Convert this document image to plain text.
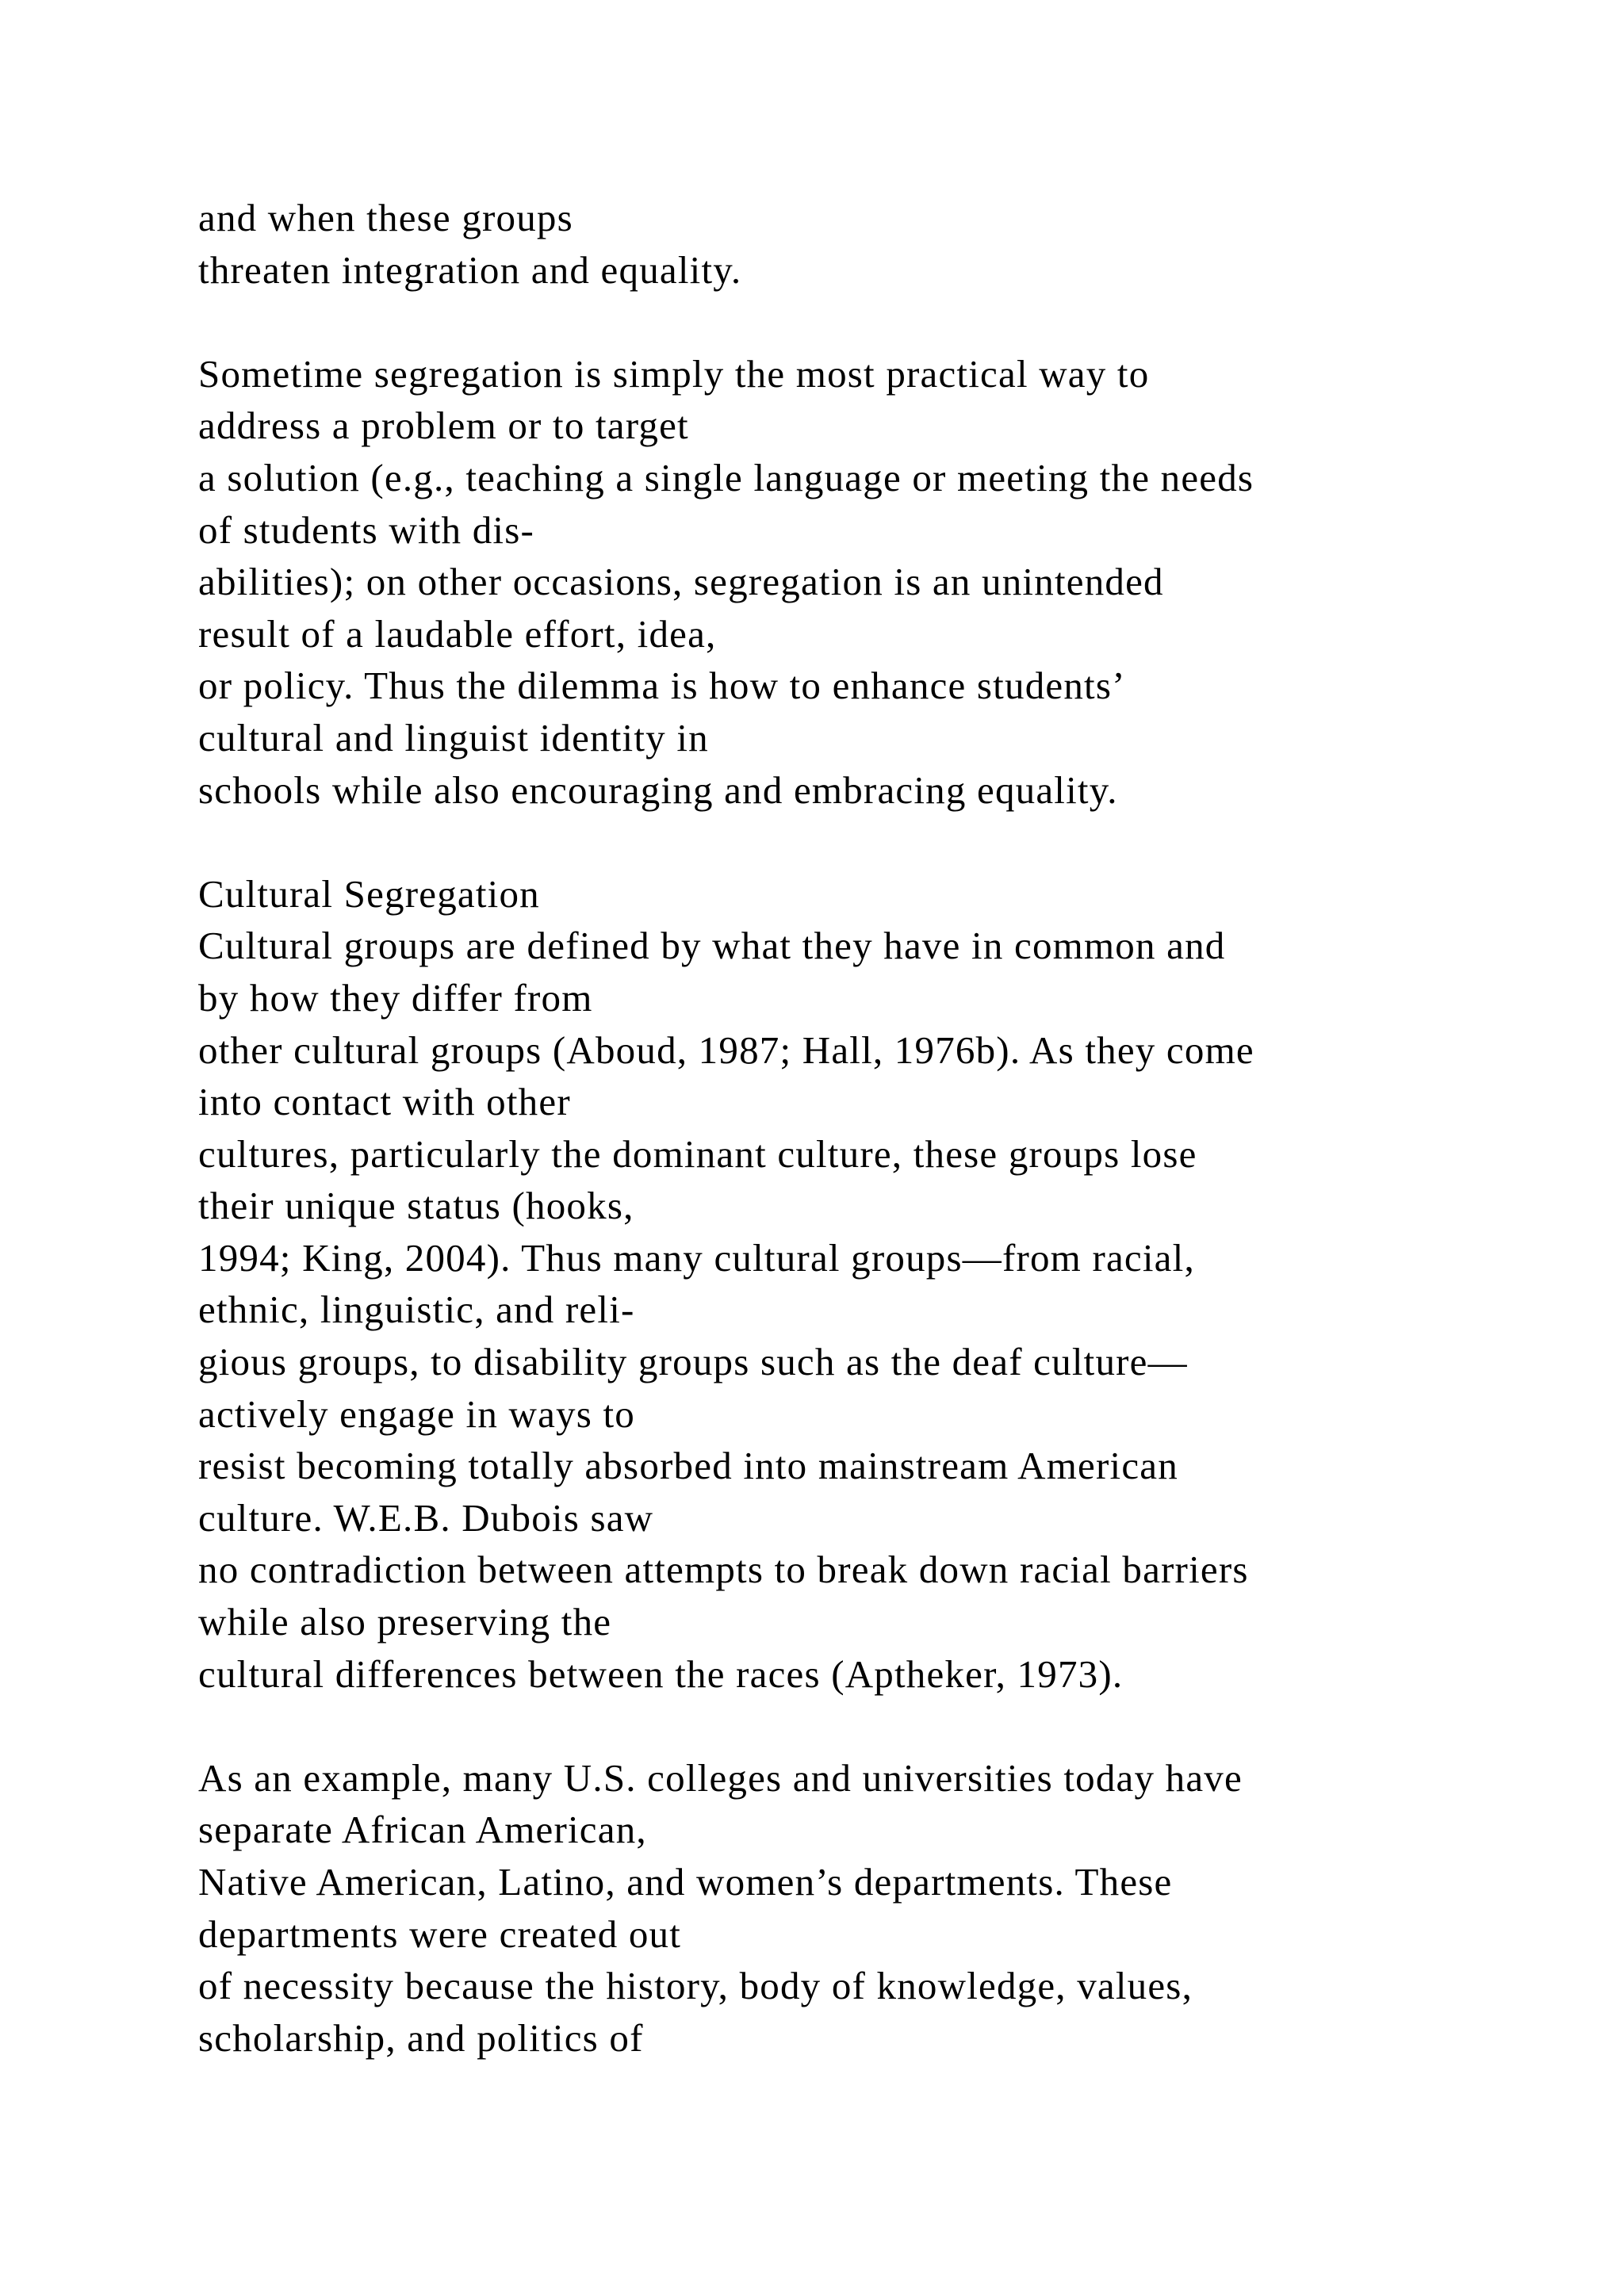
and when these groups
threaten integration and equality.
Sometime segregation is simply the most practical way to
address a problem or to target
a solution (e.g., teaching a single language or meeting the needs
of students with dis-
abilities); on other occasions, segregation is an unintended
result of a laudable effort, idea,
or policy. Thus the dilemma is how to enhance students’
cultural and linguist identity in
schools while also encouraging and embracing equality.
Cultural Segregation
Cultural groups are defined by what they have in common and
by how they differ from
other cultural groups (Aboud, 1987; Hall, 1976b). As they come
into contact with other
cultures, particularly the dominant culture, these groups lose
their unique status (hooks,
1994; King, 2004). Thus many cultural groups—from racial,
ethnic, linguistic, and reli-
gious groups, to disability groups such as the deaf culture—
actively engage in ways to
resist becoming totally absorbed into mainstream American
culture. W.E.B. Dubois saw
no contradiction between attempts to break down racial barriers
while also preserving the
cultural differences between the races (Aptheker, 1973).
As an example, many U.S. colleges and universities today have
separate African American,
Native American, Latino, and women’s departments. These
departments were created out
of necessity because the history, body of knowledge, values,
scholarship, and politics of
